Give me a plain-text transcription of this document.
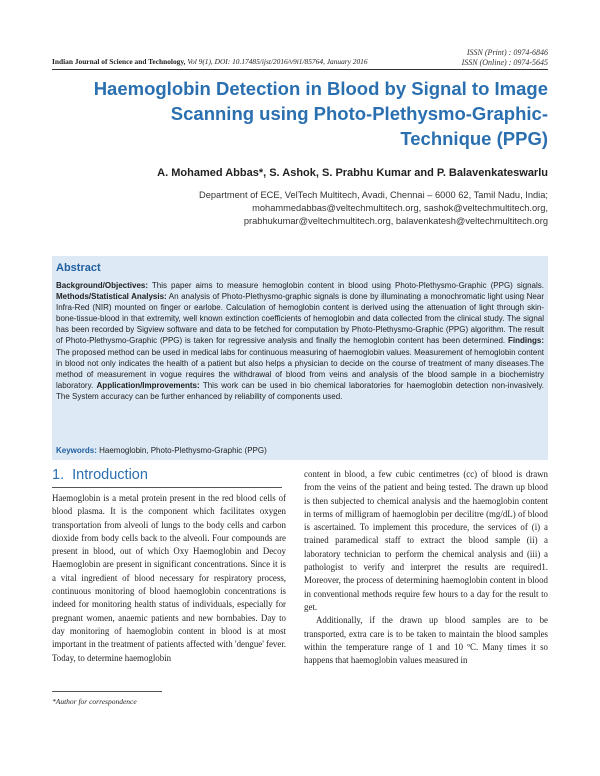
ISSN (Print) : 0974-6846
ISSN (Online) : 0974-5645
Indian Journal of Science and Technology, Vol 9(1), DOI: 10.17485/ijst/2016/v9i1/85764, January 2016
Haemoglobin Detection in Blood by Signal to Image
Scanning using Photo-Plethysmo-Graphic-
Technique (PPG)
A. Mohamed Abbas*, S. Ashok, S. Prabhu Kumar and P. Balavenkateswarlu
Department of ECE, VelTech Multitech, Avadi, Chennai – 6000 62, Tamil Nadu, India;
mohammedabbas@veltechmultitech.org, sashok@veltechmultitech.org,
prabhukumar@veltechmultitech.org, balavenkatesh@veltechmultitech.org
Abstract
Background/Objectives: This paper aims to measure hemoglobin content in blood using Photo-Plethysmo-Graphic (PPG) signals. Methods/Statistical Analysis: An analysis of Photo-Plethysmo-graphic signals is done by illuminating a monochromatic light using Near Infra-Red (NIR) mounted on finger or earlobe. Calculation of hemoglobin content is derived using the attenuation of light through skin-bone-tissue-blood in that extremity, well known extinction coefficients of hemoglobin and data collected from the clinical study. The signal has been recorded by Sigview software and data to be fetched for computation by Photo-Plethysmo-Graphic (PPG) algorithm. The result of Photo-Plethysmo-Graphic (PPG) is taken for regressive analysis and finally the hemoglobin content has been determined. Findings: The proposed method can be used in medical labs for continuous measuring of haemoglobin values. Measurement of hemoglobin content in blood not only indicates the health of a patient but also helps a physician to decide on the course of treatment of many diseases.The method of measurement in vogue requires the withdrawal of blood from veins and analysis of the blood sample in a biochemistry laboratory. Application/Improvements: This work can be used in bio chemical laboratories for haemoglobin detection non-invasively. The System accuracy can be further enhanced by reliability of components used.
Keywords: Haemoglobin, Photo-Plethysmo-Graphic (PPG)
1. Introduction

Haemoglobin is a metal protein present in the red blood cells of blood plasma. It is the component which facilitates oxygen transportation from alveoli of lungs to the body cells and carbon dioxide from body cells back to the alveoli. Four compounds are present in blood, out of which Oxy Haemoglobin and Decoy Haemoglobin are present in significant concentrations. Since it is a vital ingredient of blood necessary for respiratory process, continuous monitoring of blood haemoglobin concentrations is indeed for monitoring health status of individuals, especially for pregnant women, anaemic patients and new bornbabies. Day to day monitoring of haemoglobin content in blood is at most important in the treatment of patients affected with 'dengue' fever. Today, to determine haemoglobin

content in blood, a few cubic centimetres (cc) of blood is drawn from the veins of the patient and being tested. The drawn up blood is then subjected to chemical analysis and the haemoglobin content in terms of milligram of haemoglobin per decilitre (mg/dL) of blood is ascertained. To implement this procedure, the services of (i) a trained paramedical staff to extract the blood sample (ii) a laboratory technician to perform the chemical analysis and (iii) a pathologist to verify and interpret the results are required1. Moreover, the process of determining haemoglobin content in blood in conventional methods require few hours to a day for the result to get.

Additionally, if the drawn up blood samples are to be transported, extra care is to be taken to maintain the blood samples within the temperature range of 1 and 10 ºC. Many times it so happens that haemoglobin values measured in

*Author for correspondence
